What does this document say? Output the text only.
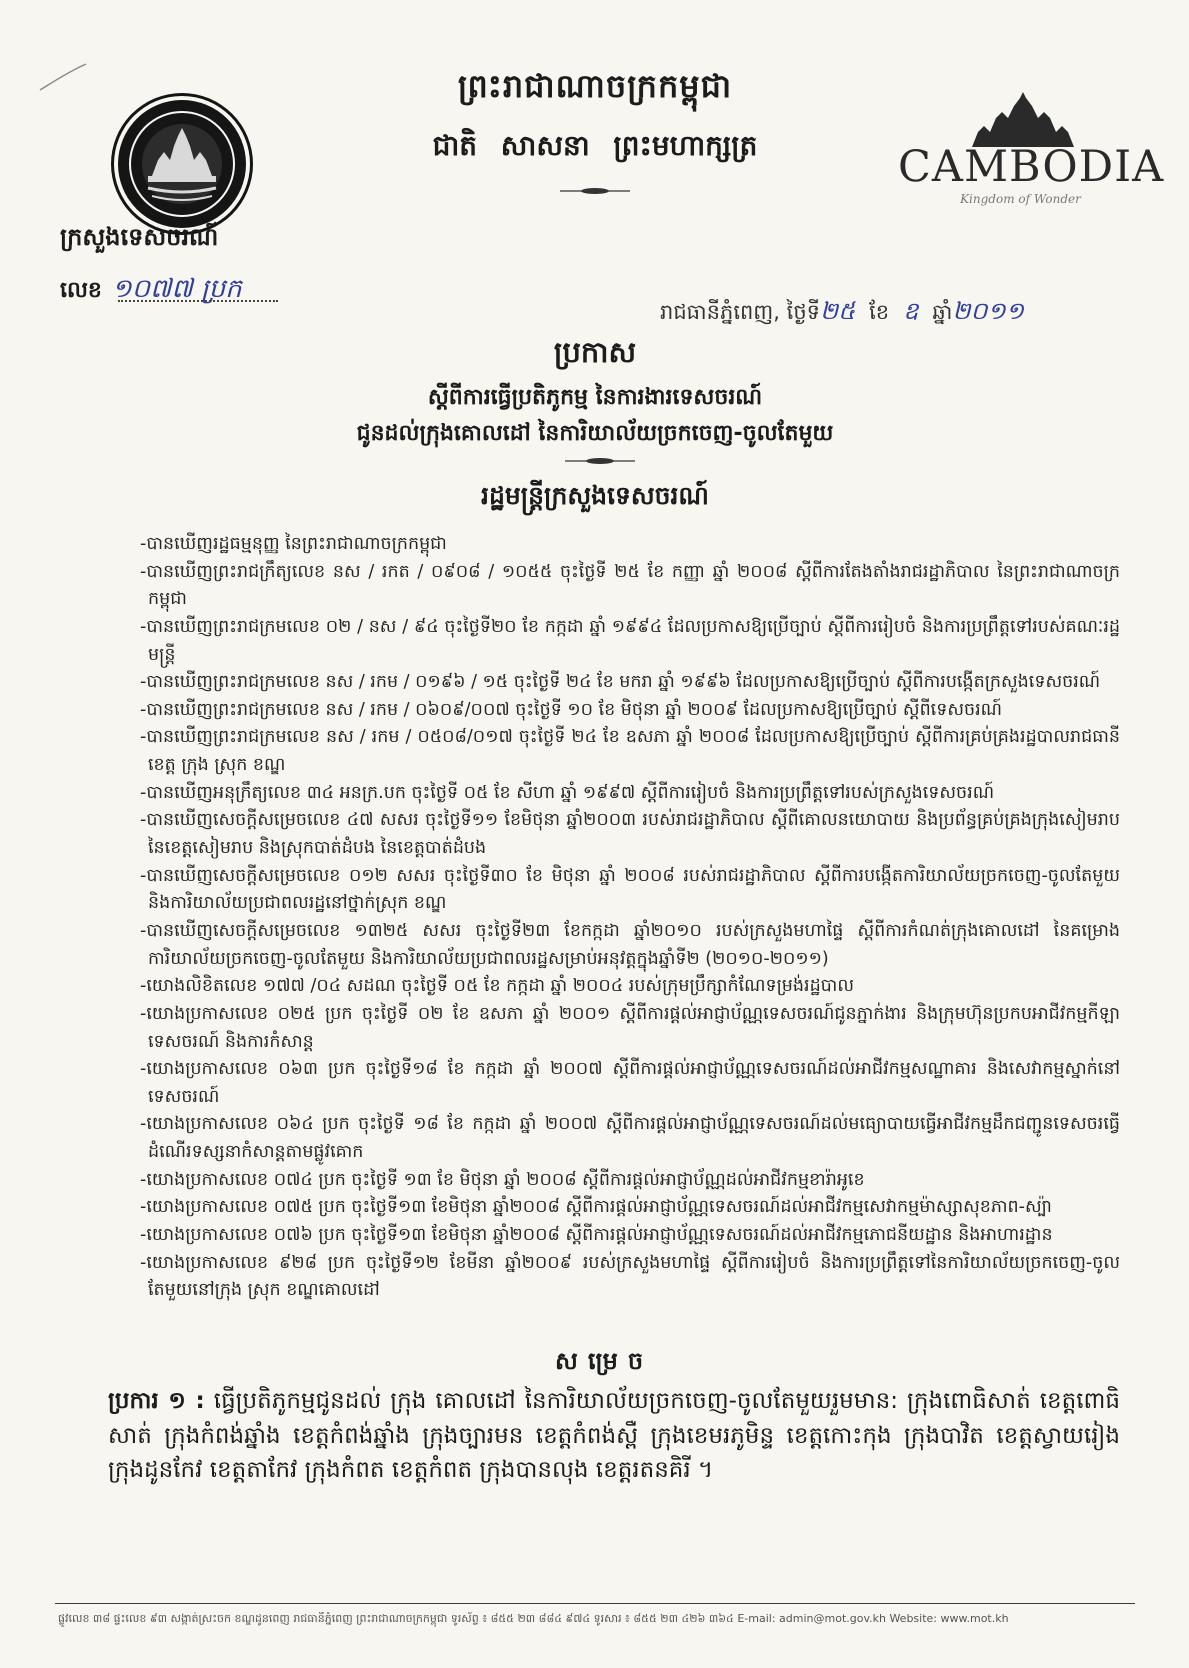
ព្រះរាជាណាចក្រកម្ពុជា
ជាតិ សាសនា ព្រះមហាក្សត្រ	CAMBODIA
Kingdom of Wonder
ក្រសួងទេសចរណ៍
លេខ ១០៧៧ ប្រក
រាជធានីភ្នំពេញ, ថ្ងៃទី២៥ ខែ ឧ ឆ្នាំ២០១១
ប្រកាស
ស្តីពីការធ្វើប្រតិភូកម្ម នៃការងារទេសចរណ៍
ជូនដល់ក្រុងគោលដៅ នៃការិយាល័យច្រកចេញ-ចូលតែមួយ
រដ្ឋមន្ត្រីក្រសួងទេសចរណ៍
-បានឃើញរដ្ឋធម្មនុញ្ញ នៃព្រះរាជាណាចក្រកម្ពុជា
-បានឃើញព្រះរាជក្រឹត្យលេខ នស / រកត / ០៩០៨ / ១០៥៥ ចុះថ្ងៃទី ២៥ ខែ កញ្ញា ឆ្នាំ ២០០៨ ស្តីពីការតែងតាំងរាជរដ្ឋាភិបាល នៃព្រះរាជាណាចក្រកម្ពុជា
-បានឃើញព្រះរាជក្រមលេខ ០២ / នស / ៩៤ ចុះថ្ងៃទី២០ ខែ កក្កដា ឆ្នាំ ១៩៩៤ ដែលប្រកាសឱ្យប្រើច្បាប់ ស្តីពីការរៀបចំ និងការប្រព្រឹត្តទៅរបស់គណៈរដ្ឋមន្ត្រី
-បានឃើញព្រះរាជក្រមលេខ នស / រកម / ០១៩៦ / ១៥ ចុះថ្ងៃទី ២៤ ខែ មករា ឆ្នាំ ១៩៩៦ ដែលប្រកាសឱ្យប្រើច្បាប់ ស្តីពីការបង្កើតក្រសួងទេសចរណ៍
-បានឃើញព្រះរាជក្រមលេខ នស / រកម / ០៦០៩/០០៧ ចុះថ្ងៃទី ១០ ខែ មិថុនា ឆ្នាំ ២០០៩ ដែលប្រកាសឱ្យប្រើច្បាប់ ស្តីពីទេសចរណ៍
-បានឃើញព្រះរាជក្រមលេខ នស / រកម / ០៥០៨/០១៧ ចុះថ្ងៃទី ២៤ ខែ ឧសភា ឆ្នាំ ២០០៨ ដែលប្រកាសឱ្យប្រើច្បាប់ ស្តីពីការគ្រប់គ្រងរដ្ឋបាលរាជធានី ខេត្ត ក្រុង ស្រុក ខណ្ឌ
-បានឃើញអនុក្រឹត្យលេខ ៣៤ អនក្រ.បក ចុះថ្ងៃទី ០៥ ខែ សីហា ឆ្នាំ ១៩៩៧ ស្តីពីការរៀបចំ និងការប្រព្រឹត្តទៅរបស់ក្រសួងទេសចរណ៍
-បានឃើញសេចក្តីសម្រេចលេខ ៤៧ សសរ ចុះថ្ងៃទី១១ ខែមិថុនា ឆ្នាំ២០០៣ របស់រាជរដ្ឋាភិបាល ស្តីពីគោលនយោបាយ និងប្រព័ន្ធគ្រប់គ្រងក្រុងសៀមរាប នៃខេត្តសៀមរាប និងស្រុកបាត់ដំបង នៃខេត្តបាត់ដំបង
-បានឃើញសេចក្តីសម្រេចលេខ ០១២ សសរ ចុះថ្ងៃទី៣០ ខែ មិថុនា ឆ្នាំ ២០០៨ របស់រាជរដ្ឋាភិបាល ស្តីពីការបង្កើតការិយាល័យច្រកចេញ-ចូលតែមួយ និងការិយាល័យប្រជាពលរដ្ឋនៅថ្នាក់ស្រុក ខណ្ឌ
-បានឃើញសេចក្តីសម្រេចលេខ ១៣២៥ សសរ ចុះថ្ងៃទី២៣ ខែកក្កដា ឆ្នាំ២០១០ របស់ក្រសួងមហាផ្ទៃ ស្តីពីការកំណត់ក្រុងគោលដៅ នៃគម្រោងការិយាល័យច្រកចេញ-ចូលតែមួយ និងការិយាល័យប្រជាពលរដ្ឋសម្រាប់អនុវត្តក្នុងឆ្នាំទី២ (២០១០-២០១១)
-យោងលិខិតលេខ ១៧៧ /០៤ សដណ ចុះថ្ងៃទី ០៥ ខែ កក្កដា ឆ្នាំ ២០០៤ របស់ក្រុមប្រឹក្សាកំណែទម្រង់រដ្ឋបាល
-យោងប្រកាសលេខ ០២៥ ប្រក ចុះថ្ងៃទី ០២ ខែ ឧសភា ឆ្នាំ ២០០១ ស្តីពីការផ្តល់អាជ្ញាប័ណ្ណទេសចរណ៍ជូនភ្នាក់ងារ និងក្រុមហ៊ុនប្រកបអាជីវកម្មកីឡាទេសចរណ៍ និងការកំសាន្ត
-យោងប្រកាសលេខ ០៦៣ ប្រក ចុះថ្ងៃទី១៨ ខែ កក្កដា ឆ្នាំ ២០០៧ ស្តីពីការផ្តល់អាជ្ញាប័ណ្ណទេសចរណ៍ដល់អាជីវកម្មសណ្ឋាគារ និងសេវាកម្មស្នាក់នៅទេសចរណ៍
-យោងប្រកាសលេខ ០៦៤ ប្រក ចុះថ្ងៃទី ១៨ ខែ កក្កដា ឆ្នាំ ២០០៧ ស្តីពីការផ្តល់អាជ្ញាប័ណ្ណទេសចរណ៍ដល់មធ្យោបាយធ្វើអាជីវកម្មដឹកជញ្ជូនទេសចរធ្វើដំណើរទស្សនាកំសាន្តតាមផ្លូវគោក
-យោងប្រកាសលេខ ០៧៤ ប្រក ចុះថ្ងៃទី ១៣ ខែ មិថុនា ឆ្នាំ ២០០៨ ស្តីពីការផ្តល់អាជ្ញាប័ណ្ណដល់អាជីវកម្មខារ៉ាអូខេ
-យោងប្រកាសលេខ ០៧៥ ប្រក ចុះថ្ងៃទី១៣ ខែមិថុនា ឆ្នាំ២០០៨ ស្តីពីការផ្តល់អាជ្ញាប័ណ្ណទេសចរណ៍ដល់អាជីវកម្មសេវាកម្មម៉ាស្សាសុខភាព-ស្ប៉ា
-យោងប្រកាសលេខ ០៧៦ ប្រក ចុះថ្ងៃទី១៣ ខែមិថុនា ឆ្នាំ២០០៨ ស្តីពីការផ្តល់អាជ្ញាប័ណ្ណទេសចរណ៍ដល់អាជីវកម្មភោជនីយដ្ឋាន និងអាហារដ្ឋាន
-យោងប្រកាសលេខ ៩២៨ ប្រក ចុះថ្ងៃទី១២ ខែមីនា ឆ្នាំ២០០៩ របស់ក្រសួងមហាផ្ទៃ ស្តីពីការរៀបចំ និងការប្រព្រឹត្តទៅនៃការិយាល័យច្រកចេញ-ចូលតែមួយនៅក្រុង ស្រុក ខណ្ឌគោលដៅ
សម្រេច
ប្រការ ១ : ធ្វើប្រតិភូកម្មជូនដល់ ក្រុង គោលដៅ នៃការិយាល័យច្រកចេញ-ចូលតែមួយរួមមាន: ក្រុងពោធិសាត់ ខេត្តពោធិសាត់ ក្រុងកំពង់ឆ្នាំង ខេត្តកំពង់ឆ្នាំង ក្រុងច្បារមន ខេត្តកំពង់ស្ពឺ ក្រុងខេមរភូមិន្ទ ខេត្តកោះកុង ក្រុងបាវិត ខេត្តស្វាយរៀង ក្រុងដូនកែវ ខេត្តតាកែវ ក្រុងកំពត ខេត្តកំពត ក្រុងបានលុង ខេត្តរតនគិរី ។
ផ្លូវលេខ ៣៨ ផ្ទះលេខ ៩៣ សង្កាត់ស្រះចក ខណ្ឌដូនពេញ រាជធានីភ្នំពេញ ព្រះរាជាណាចក្រកម្ពុជា ទូរស័ព្ទ ៖ ៨៥៥ ២៣ ៨៨៤ ៩៧៤ ទូរសារ ៖ ៨៥៥ ២៣ ៤២៦ ៣៦៤ E-mail: admin@mot.gov.kh Website: www.mot.kh
